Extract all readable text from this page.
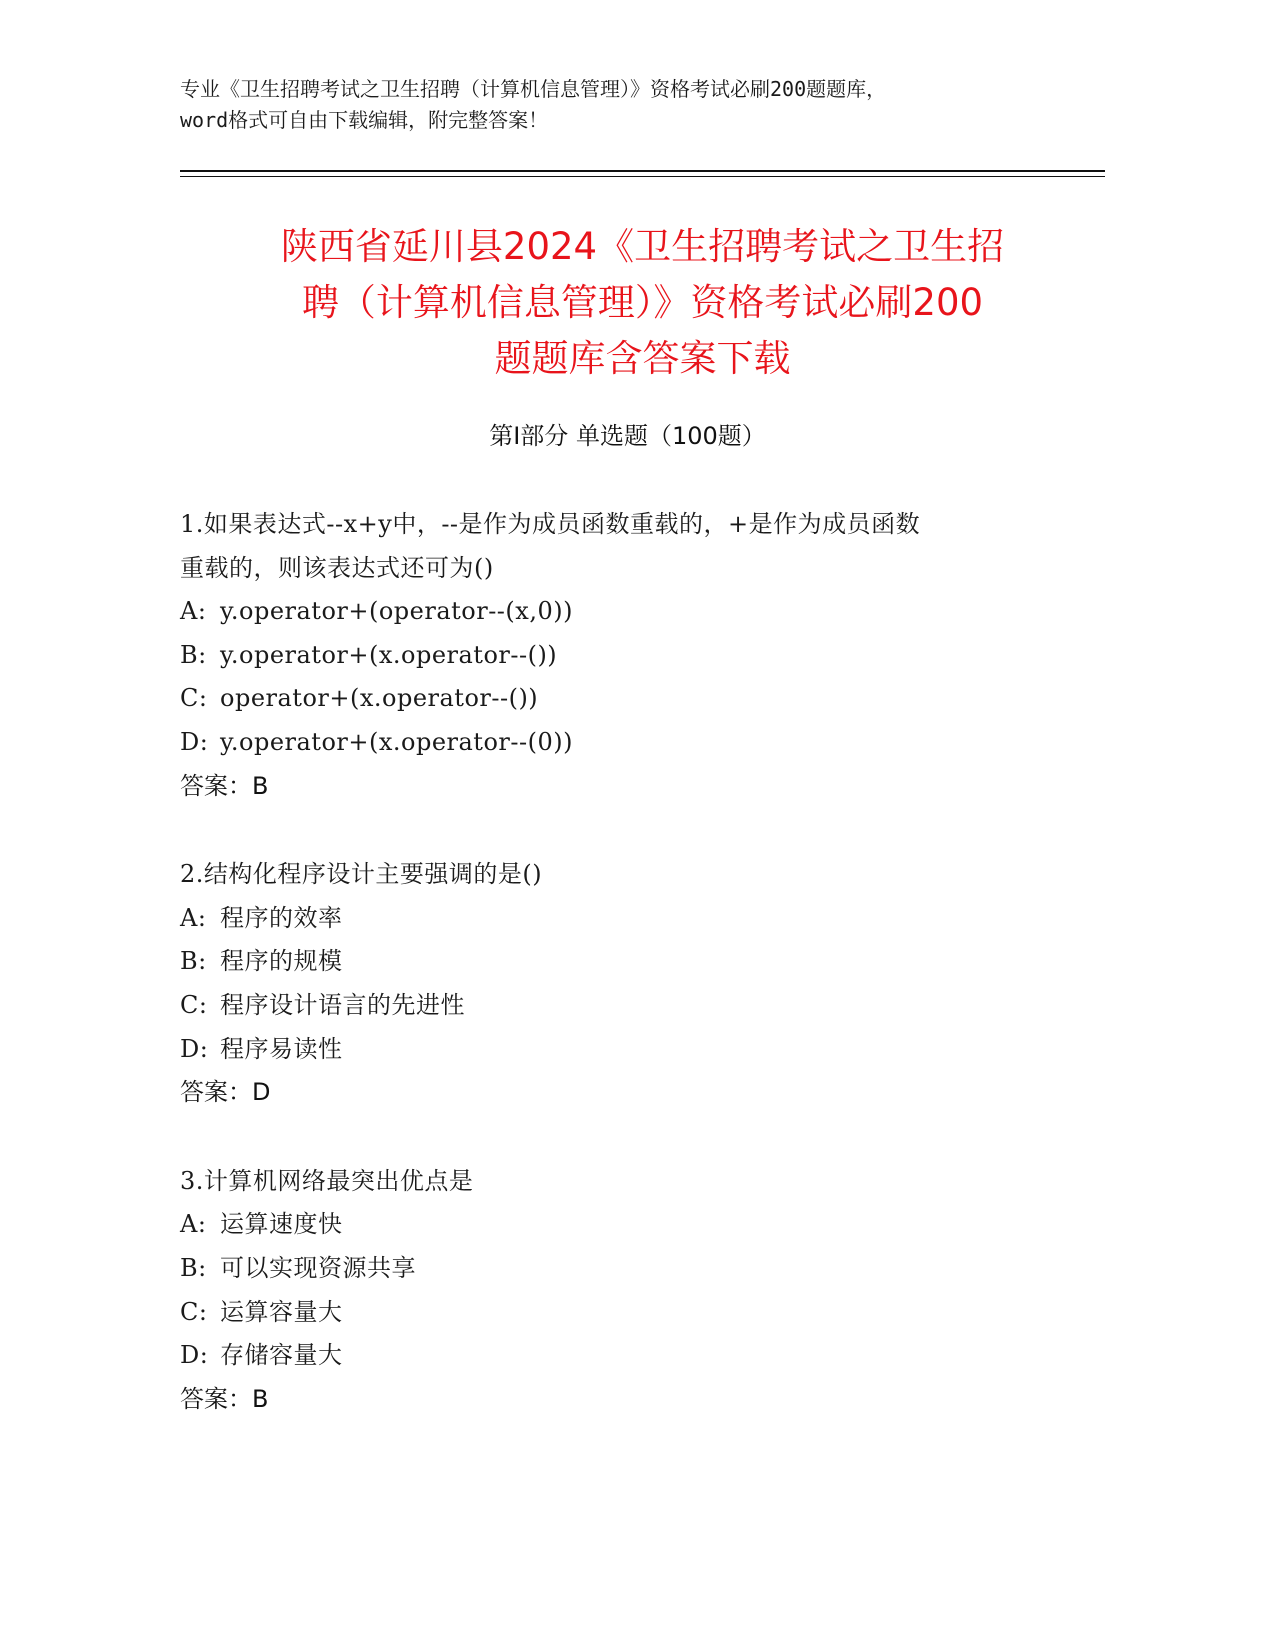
专业《卫生招聘考试之卫生招聘（计算机信息管理）》资格考试必刷200题题库，
word格式可自由下载编辑，附完整答案！
陕西省延川县2024《卫生招聘考试之卫生招
聘（计算机信息管理）》资格考试必刷200
题题库含答案下载
第Ⅰ部分 单选题（100题）
1.如果表达式--x+y中，--是作为成员函数重载的，+是作为成员函数
重载的，则该表达式还可为()
A: y.operator+(operator--(x,0))
B: y.operator+(x.operator--())
C: operator+(x.operator--())
D: y.operator+(x.operator--(0))
答案：B
2.结构化程序设计主要强调的是()
A: 程序的效率
B: 程序的规模
C: 程序设计语言的先进性
D: 程序易读性
答案：D
3.计算机网络最突出优点是
A: 运算速度快
B: 可以实现资源共享
C: 运算容量大
D: 存储容量大
答案：B
